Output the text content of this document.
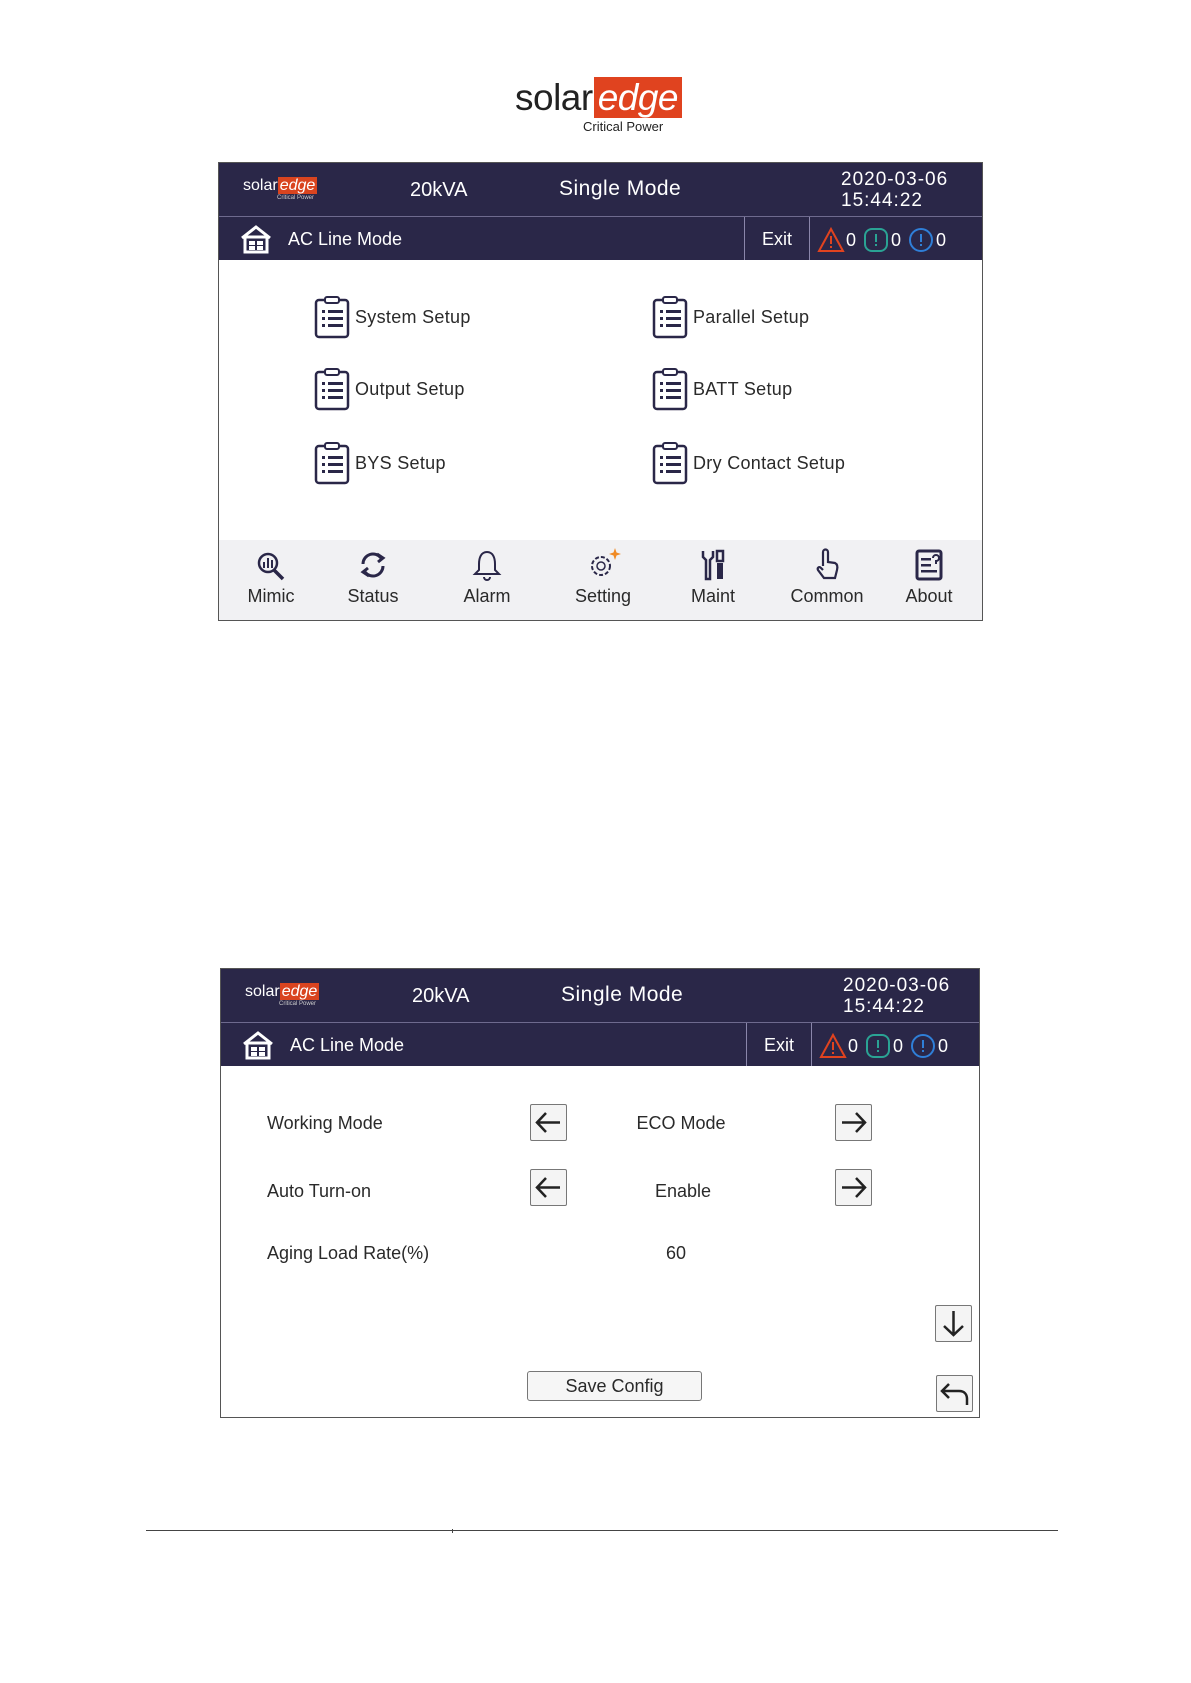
solar edge
Critical Power
solar edge
Critical Power	20kVA	Single Mode	2020-03-06
15:44:22
AC Line Mode	Exit	0 0 0
System Setup	Parallel Setup
Output Setup	BATT Setup
BYS Setup	Dry Contact Setup
Mimic	Status	Alarm	Setting	Maint	Common	About
solar edge
Critical Power	20kVA	Single Mode	2020-03-06
15:44:22
AC Line Mode	Exit	0 0 0
Working Mode	ECO Mode
Auto Turn-on	Enable
Aging Load Rate(%)	60
Save Config
